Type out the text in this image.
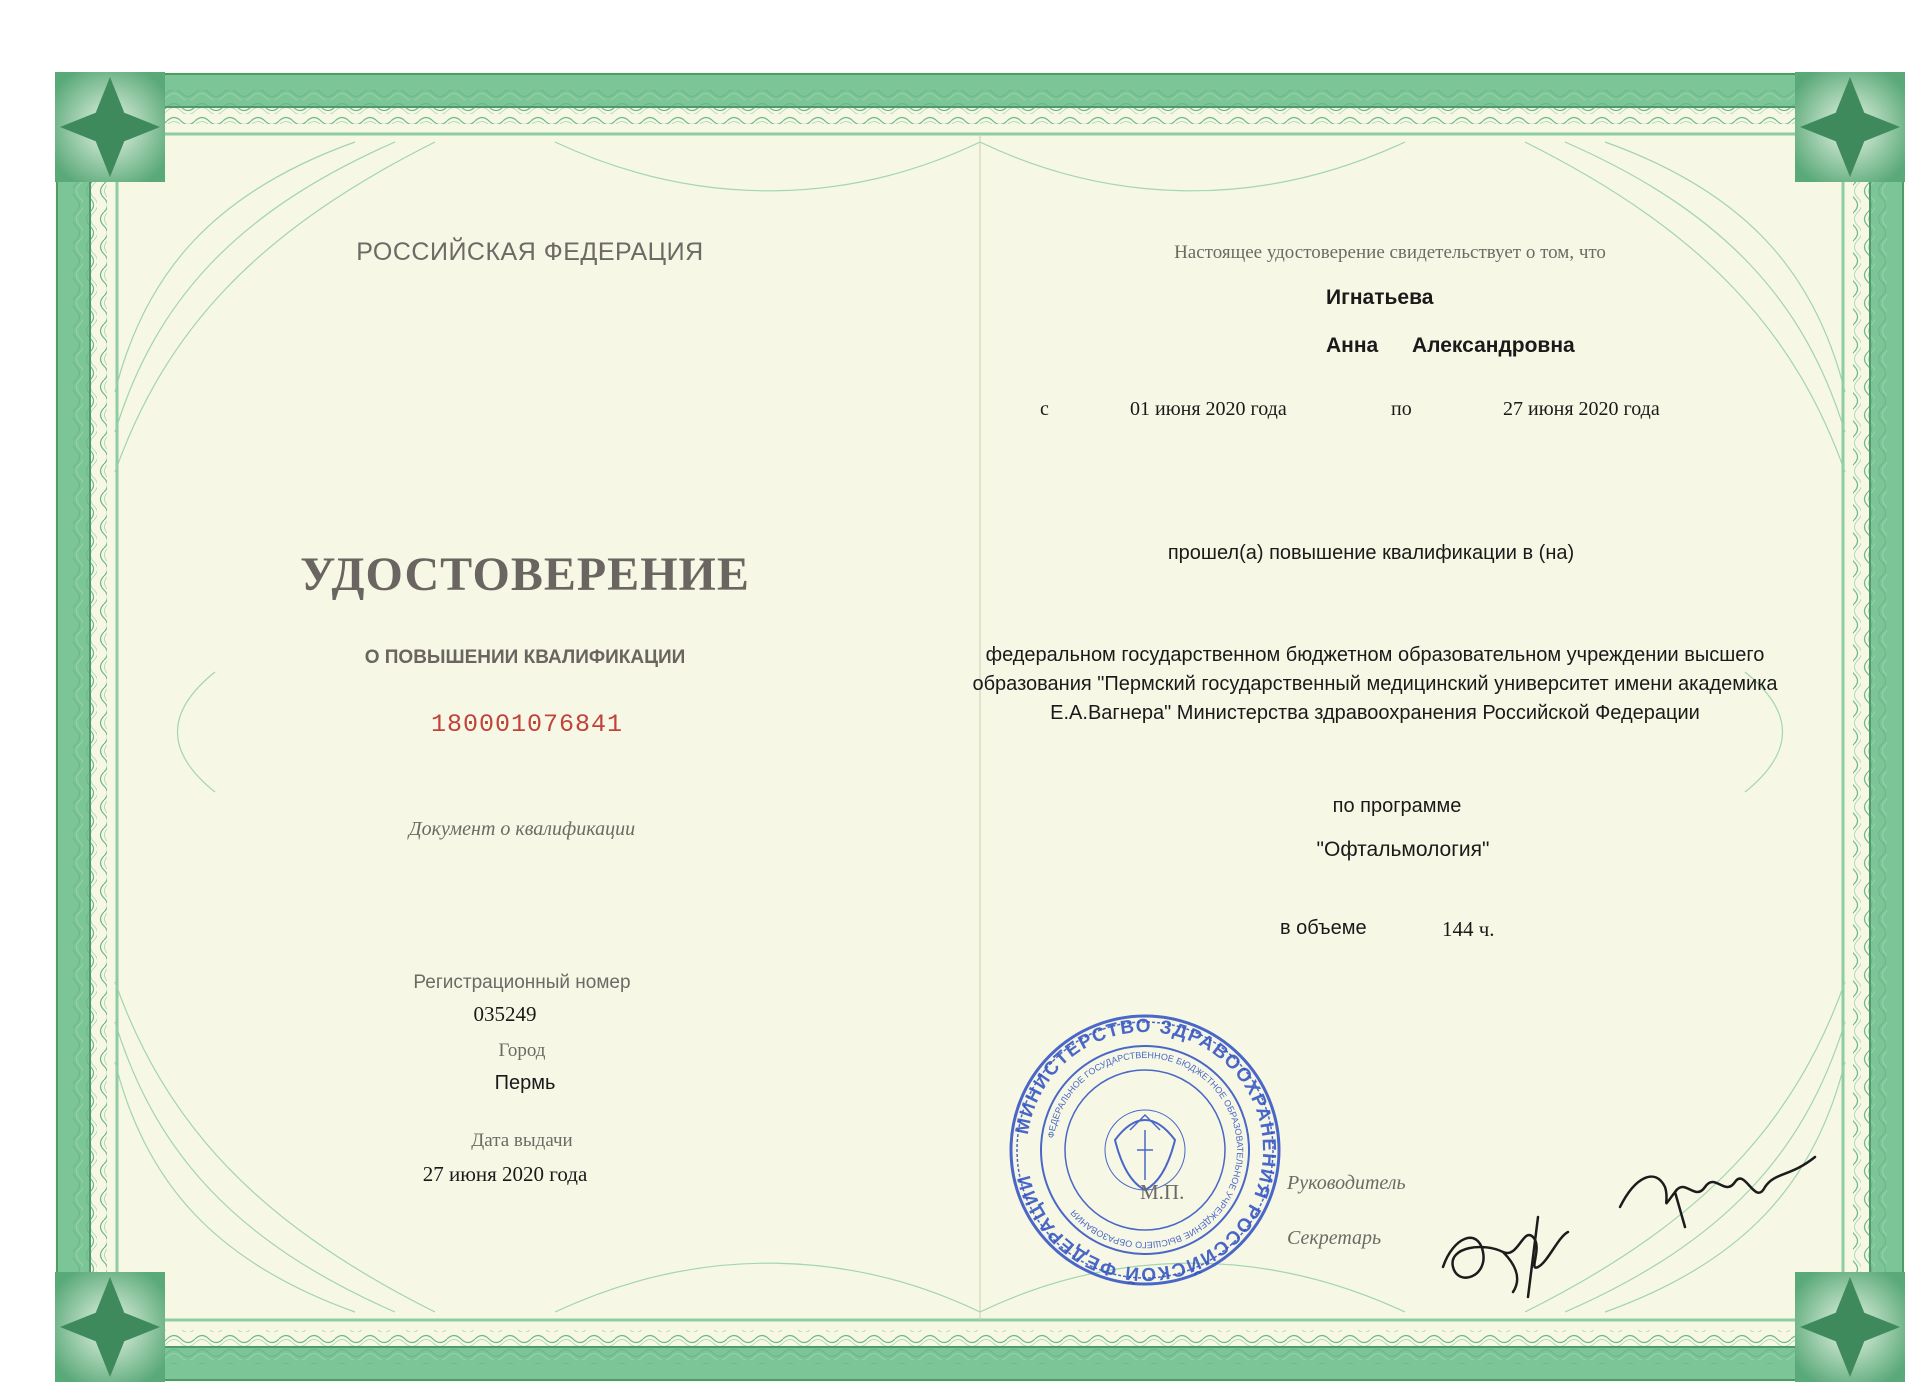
РОССИЙСКАЯ ФЕДЕРАЦИЯ
УДОСТОВЕРЕНИЕ
О ПОВЫШЕНИИ КВАЛИФИКАЦИИ
180001076841
Документ о квалификации
Регистрационный номер
035249
Город
Пермь
Дата выдачи
27 июня 2020 года
Настоящее удостоверение свидетельствует о том, что
Игнатьева
Анна Александровна
с	01 июня 2020 года	по	27 июня 2020 года
прошел(а) повышение квалификации в (на)
федеральном государственном бюджетном образовательном учреждении высшего
образования "Пермский государственный медицинский университет имени академика
Е.А.Вагнера" Министерства здравоохранения Российской Федерации
по программе
"Офтальмология"
в объеме	144 ч.
МИНИСТЕРСТВО ЗДРАВООХРАНЕНИЯ РОССИЙСКОЙ ФЕДЕРАЦИИ
ФЕДЕРАЛЬНОЕ ГОСУДАРСТВЕННОЕ БЮДЖЕТНОЕ ОБРАЗОВАТЕЛЬНОЕ УЧРЕЖДЕНИЕ ВЫСШЕГО ОБРАЗОВАНИЯ
М.П.	Руководитель
Секретарь
